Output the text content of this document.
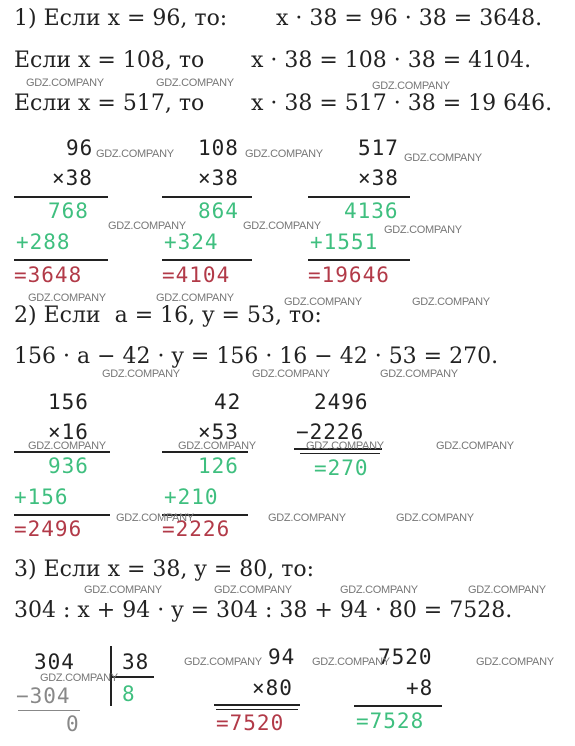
1) Если x = 96, то: x · 38 = 96 · 38 = 3648.
Если x = 108, то x · 38 = 108 · 38 = 4104.
Если x = 517, то x · 38 = 517 · 38 = 19 646.
96
×38
768
+288
=3648
108
×38
864
+324
=4104
517
×38
4136
+1551
=19646
2) Если  a = 16, y = 53, то:
156 · a − 42 · y = 156 · 16 − 42 · 53 = 270.
156
×16
936
+156
=2496
42
×53
126
+210
=2226
2496
−2226
=270
3) Если x = 38, y = 80, то:
304 : x + 94 · y = 304 : 38 + 94 · 80 = 7528.
304 38
−304 8
0
94
×80
=7520
7520
+8
=7528
GDZ.COMPANY	GDZ.COMPANY	GDZ.COMPANY
GDZ.COMPANY	GDZ.COMPANY	GDZ.COMPANY
GDZ.COMPANY	GDZ.COMPANY	GDZ.COMPANY
GDZ.COMPANY	GDZ.COMPANY	GDZ.COMPANY	GDZ.COMPANY
GDZ.COMPANY	GDZ.COMPANY	GDZ.COMPANY
GDZ.COMPANY	GDZ.COMPANY	GDZ.COMPANY	GDZ.COMPANY
GDZ.COMPANY	GDZ.COMPANY	GDZ.COMPANY
GDZ.COMPANY	GDZ.COMPANY	GDZ.COMPANY	GDZ.COMPANY
GDZ.COMPANY	GDZ.COMPANY	GDZ.COMPANY
GDZ.COMPANY
